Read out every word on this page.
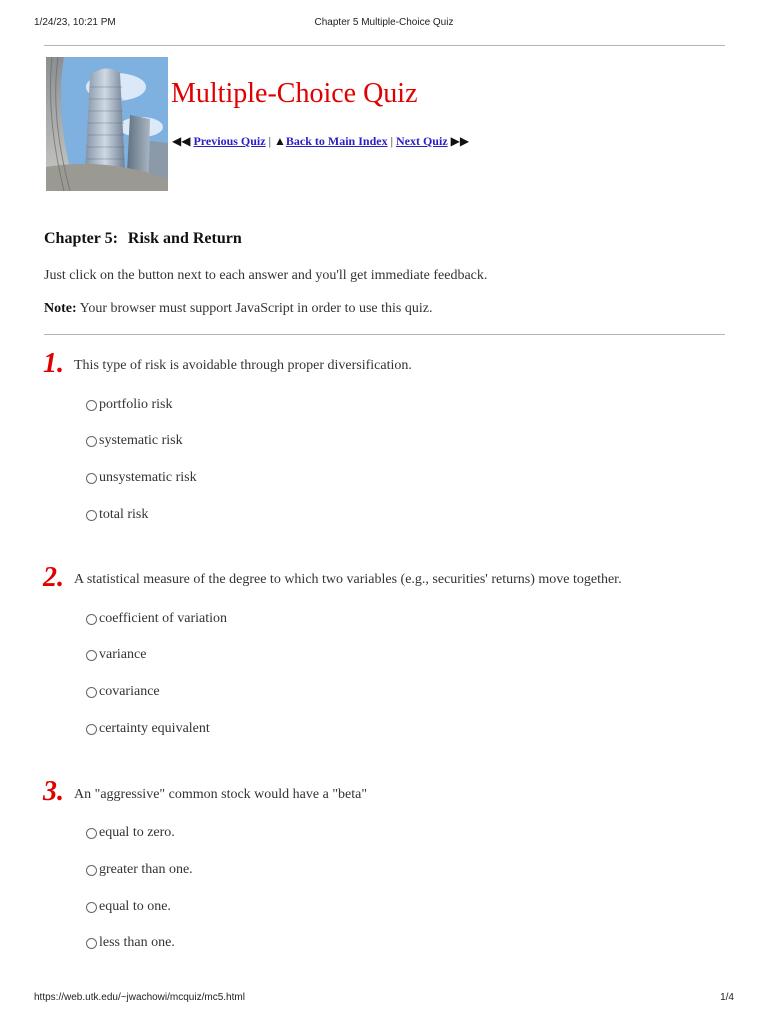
1/24/23, 10:21 PM	Chapter 5 Multiple-Choice Quiz
Multiple-Choice Quiz
◀◀ Previous Quiz | ▲Back to Main Index | Next Quiz ▶▶
Chapter 5: Risk and Return
Just click on the button next to each answer and you'll get immediate feedback.
Note: Your browser must support JavaScript in order to use this quiz.
1. This type of risk is avoidable through proper diversification.
portfolio risk
systematic risk
unsystematic risk
total risk
2. A statistical measure of the degree to which two variables (e.g., securities' returns) move together.
coefficient of variation
variance
covariance
certainty equivalent
3. An "aggressive" common stock would have a "beta"
equal to zero.
greater than one.
equal to one.
less than one.
https://web.utk.edu/~jwachowi/mcquiz/mc5.html	1/4
